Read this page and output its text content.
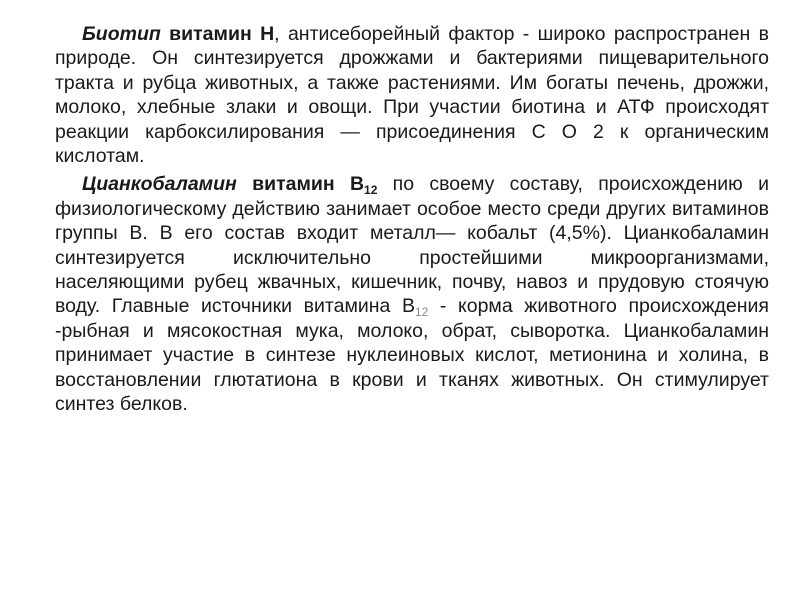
Биотип витамин Н, антисеборейный фактор - широко распространен в природе. Он синтезируется дрожжами и бактериями пищеварительного тракта и рубца животных, а также растениями. Им богаты печень, дрожжи, молоко, хлебные злаки и овощи. При участии биотина и АТФ происходят реакции карбоксилирования — присоединения С О 2 к органическим кислотам.

Цианкобаламин витамин $В_{12}$ по своему составу, происхождению и физиологическому действию занимает особое место среди других витаминов группы В. В его состав входит металл— кобальт (4,5%). Цианкобаламин синтезируется исключительно простейшими микроорганизмами, населяющими рубец жвачных, кишечник, почву, навоз и прудовую стоячую воду. Главные источники витамина $В_{12}$ - корма животного происхождения -рыбная и мясокостная мука, молоко, обрат, сыворотка. Цианкобаламин принимает участие в синтезе нуклеиновых кислот, метионина и холина, в восстановлении глютатиона в крови и тканях животных. Он стимулирует синтез белков.
